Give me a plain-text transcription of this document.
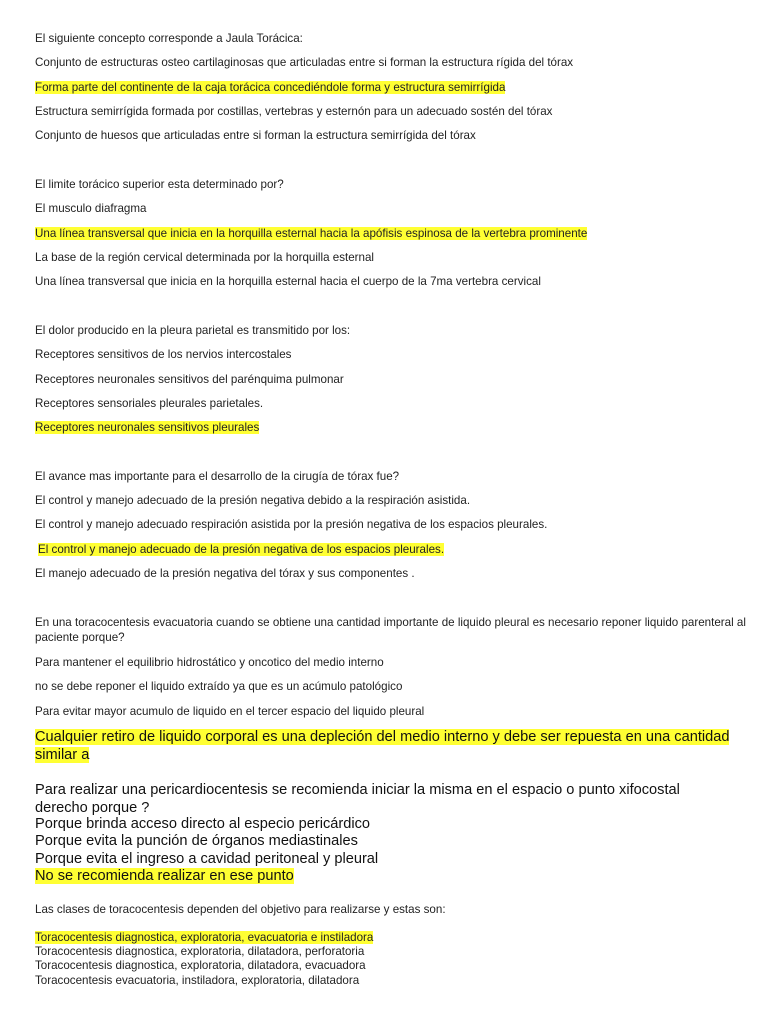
El siguiente concepto corresponde a Jaula Torácica:
Conjunto de estructuras osteo cartilaginosas que articuladas entre si forman la estructura rígida del tórax
Forma parte del continente de la caja torácica concediéndole forma y estructura semirrígida
Estructura semirrígida formada por costillas, vertebras y esternón para un adecuado sostén del tórax
Conjunto de huesos que articuladas entre si forman la estructura semirrígida del tórax
El limite torácico superior esta determinado por?
El musculo diafragma
Una línea transversal que inicia en la horquilla esternal hacia la apófisis espinosa de la vertebra prominente
La base de la región cervical determinada por la horquilla esternal
Una línea transversal que inicia en la horquilla esternal hacia el cuerpo de la 7ma vertebra cervical
El dolor producido en la pleura parietal es transmitido por los:
Receptores sensitivos de los nervios intercostales
Receptores neuronales sensitivos del parénquima pulmonar
Receptores sensoriales pleurales parietales.
Receptores neuronales sensitivos pleurales
El avance mas importante para el desarrollo de la cirugía de tórax fue?
El control y manejo adecuado de la presión negativa debido a la respiración asistida.
El control y manejo adecuado respiración asistida por la presión negativa de los espacios pleurales.
El control y manejo adecuado de la presión negativa de los espacios pleurales.
El manejo adecuado de la presión negativa del tórax y sus componentes .
En una toracocentesis evacuatoria cuando se obtiene una cantidad importante de liquido pleural es necesario reponer liquido parenteral al paciente porque?
Para mantener el equilibrio hidrostático y oncotico del medio interno
no se debe reponer el liquido extraído ya que es un acúmulo patológico
Para evitar mayor acumulo de liquido en el tercer espacio del liquido pleural
Cualquier retiro de liquido corporal es una depleción del medio interno y debe ser repuesta en una cantidad similar a
Para realizar una pericardiocentesis se recomienda iniciar la misma en el espacio o punto xifocostal derecho porque ?
Porque brinda acceso directo al especio pericárdico
Porque evita la punción de órganos mediastinales
Porque evita el ingreso a cavidad peritoneal y pleural
No se recomienda realizar en ese punto
Las clases de toracocentesis dependen del objetivo para realizarse y estas son:
Toracocentesis diagnostica, exploratoria, evacuatoria e instiladora
Toracocentesis diagnostica, exploratoria, dilatadora, perforatoria
Toracocentesis diagnostica, exploratoria, dilatadora, evacuadora
Toracocentesis evacuatoria, instiladora, exploratoria, dilatadora
